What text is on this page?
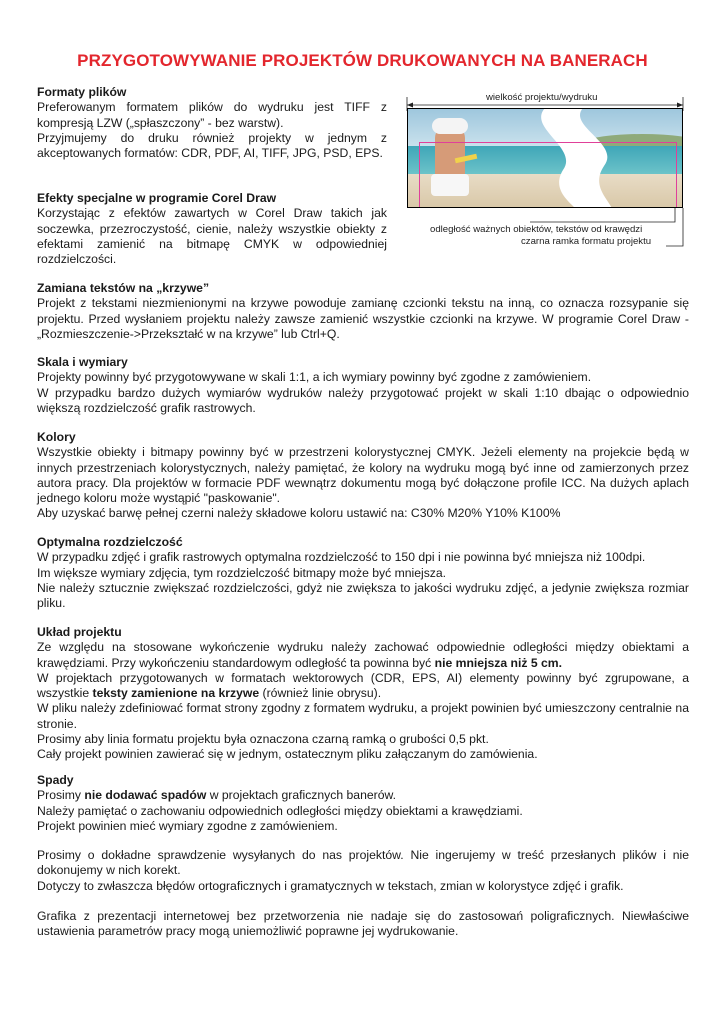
PRZYGOTOWYWANIE PROJEKTÓW DRUKOWANYCH NA BANERACH
Formaty plików
Preferowanym formatem plików do wydruku jest TIFF z kompresją LZW („spłaszczony” - bez warstw).
Przyjmujemy do druku również projekty w jednym z akceptowanych formatów: CDR, PDF, AI, TIFF, JPG, PSD, EPS.
Efekty specjalne w programie Corel Draw
Korzystając z efektów zawartych w Corel Draw takich jak soczewka, przezroczystość, cienie, należy wszystkie obiekty z efektami zamienić na bitmapę CMYK w odpowiedniej rozdzielczości.
wielkość projektu/wydruku
odległość ważnych obiektów, tekstów od krawędzi
czarna ramka formatu projektu
Zamiana tekstów na „krzywe”
Projekt z tekstami niezmienionymi na krzywe powoduje zamianę czcionki tekstu na inną, co oznacza rozsypanie się projektu. Przed wysłaniem projektu należy zawsze zamienić wszystkie czcionki na krzywe. W programie Corel Draw - „Rozmieszczenie->Przekształć w na krzywe” lub Ctrl+Q.
Skala i wymiary
Projekty powinny być przygotowywane w skali 1:1, a ich wymiary powinny być zgodne z zamówieniem.
W przypadku bardzo dużych wymiarów wydruków należy przygotować projekt w skali 1:10 dbając o odpowiednio większą rozdzielczość grafik rastrowych.
Kolory
Wszystkie obiekty i bitmapy powinny być w przestrzeni kolorystycznej CMYK. Jeżeli elementy na projekcie będą w innych przestrzeniach kolorystycznych, należy pamiętać, że kolory na wydruku mogą być inne od zamierzonych przez autora pracy. Dla projektów w formacie PDF wewnątrz dokumentu mogą być dołączone profile ICC. Na dużych aplach jednego koloru może wystąpić "paskowanie".
Aby uzyskać barwę pełnej czerni należy składowe koloru ustawić na: C30% M20% Y10% K100%
Optymalna rozdzielczość
W przypadku zdjęć i grafik rastrowych optymalna rozdzielczość to 150 dpi i nie powinna być mniejsza niż 100dpi.
Im większe wymiary zdjęcia, tym rozdzielczość bitmapy może być mniejsza.
Nie należy sztucznie zwiększać rozdzielczości, gdyż nie zwiększa to jakości wydruku zdjęć, a jedynie zwiększa rozmiar pliku.
Układ projektu
Ze względu na stosowane wykończenie wydruku należy zachować odpowiednie odległości między obiektami a krawędziami. Przy wykończeniu standardowym odległość ta powinna być nie mniejsza niż 5 cm.
W projektach przygotowanych w formatach wektorowych (CDR, EPS, AI) elementy powinny być zgrupowane, a wszystkie teksty zamienione na krzywe (również linie obrysu).
W pliku należy zdefiniować format strony zgodny z formatem wydruku, a projekt powinien być umieszczony centralnie na stronie.
Prosimy aby linia formatu projektu była oznaczona czarną ramką o grubości 0,5 pkt.
Cały projekt powinien zawierać się w jednym, ostatecznym pliku załączanym do zamówienia.
Spady
Prosimy nie dodawać spadów w projektach graficznych banerów.
Należy pamiętać o zachowaniu odpowiednich odległości między obiektami a krawędziami.
Projekt powinien mieć wymiary zgodne z zamówieniem.
Prosimy o dokładne sprawdzenie wysyłanych do nas projektów. Nie ingerujemy w treść przesłanych plików i nie dokonujemy w nich korekt.
Dotyczy to zwłaszcza błędów ortograficznych i gramatycznych w tekstach, zmian w kolorystyce zdjęć i grafik.
Grafika z prezentacji internetowej bez przetworzenia nie nadaje się do zastosowań poligraficznych. Niewłaściwe ustawienia parametrów pracy mogą uniemożliwić poprawne jej wydrukowanie.
